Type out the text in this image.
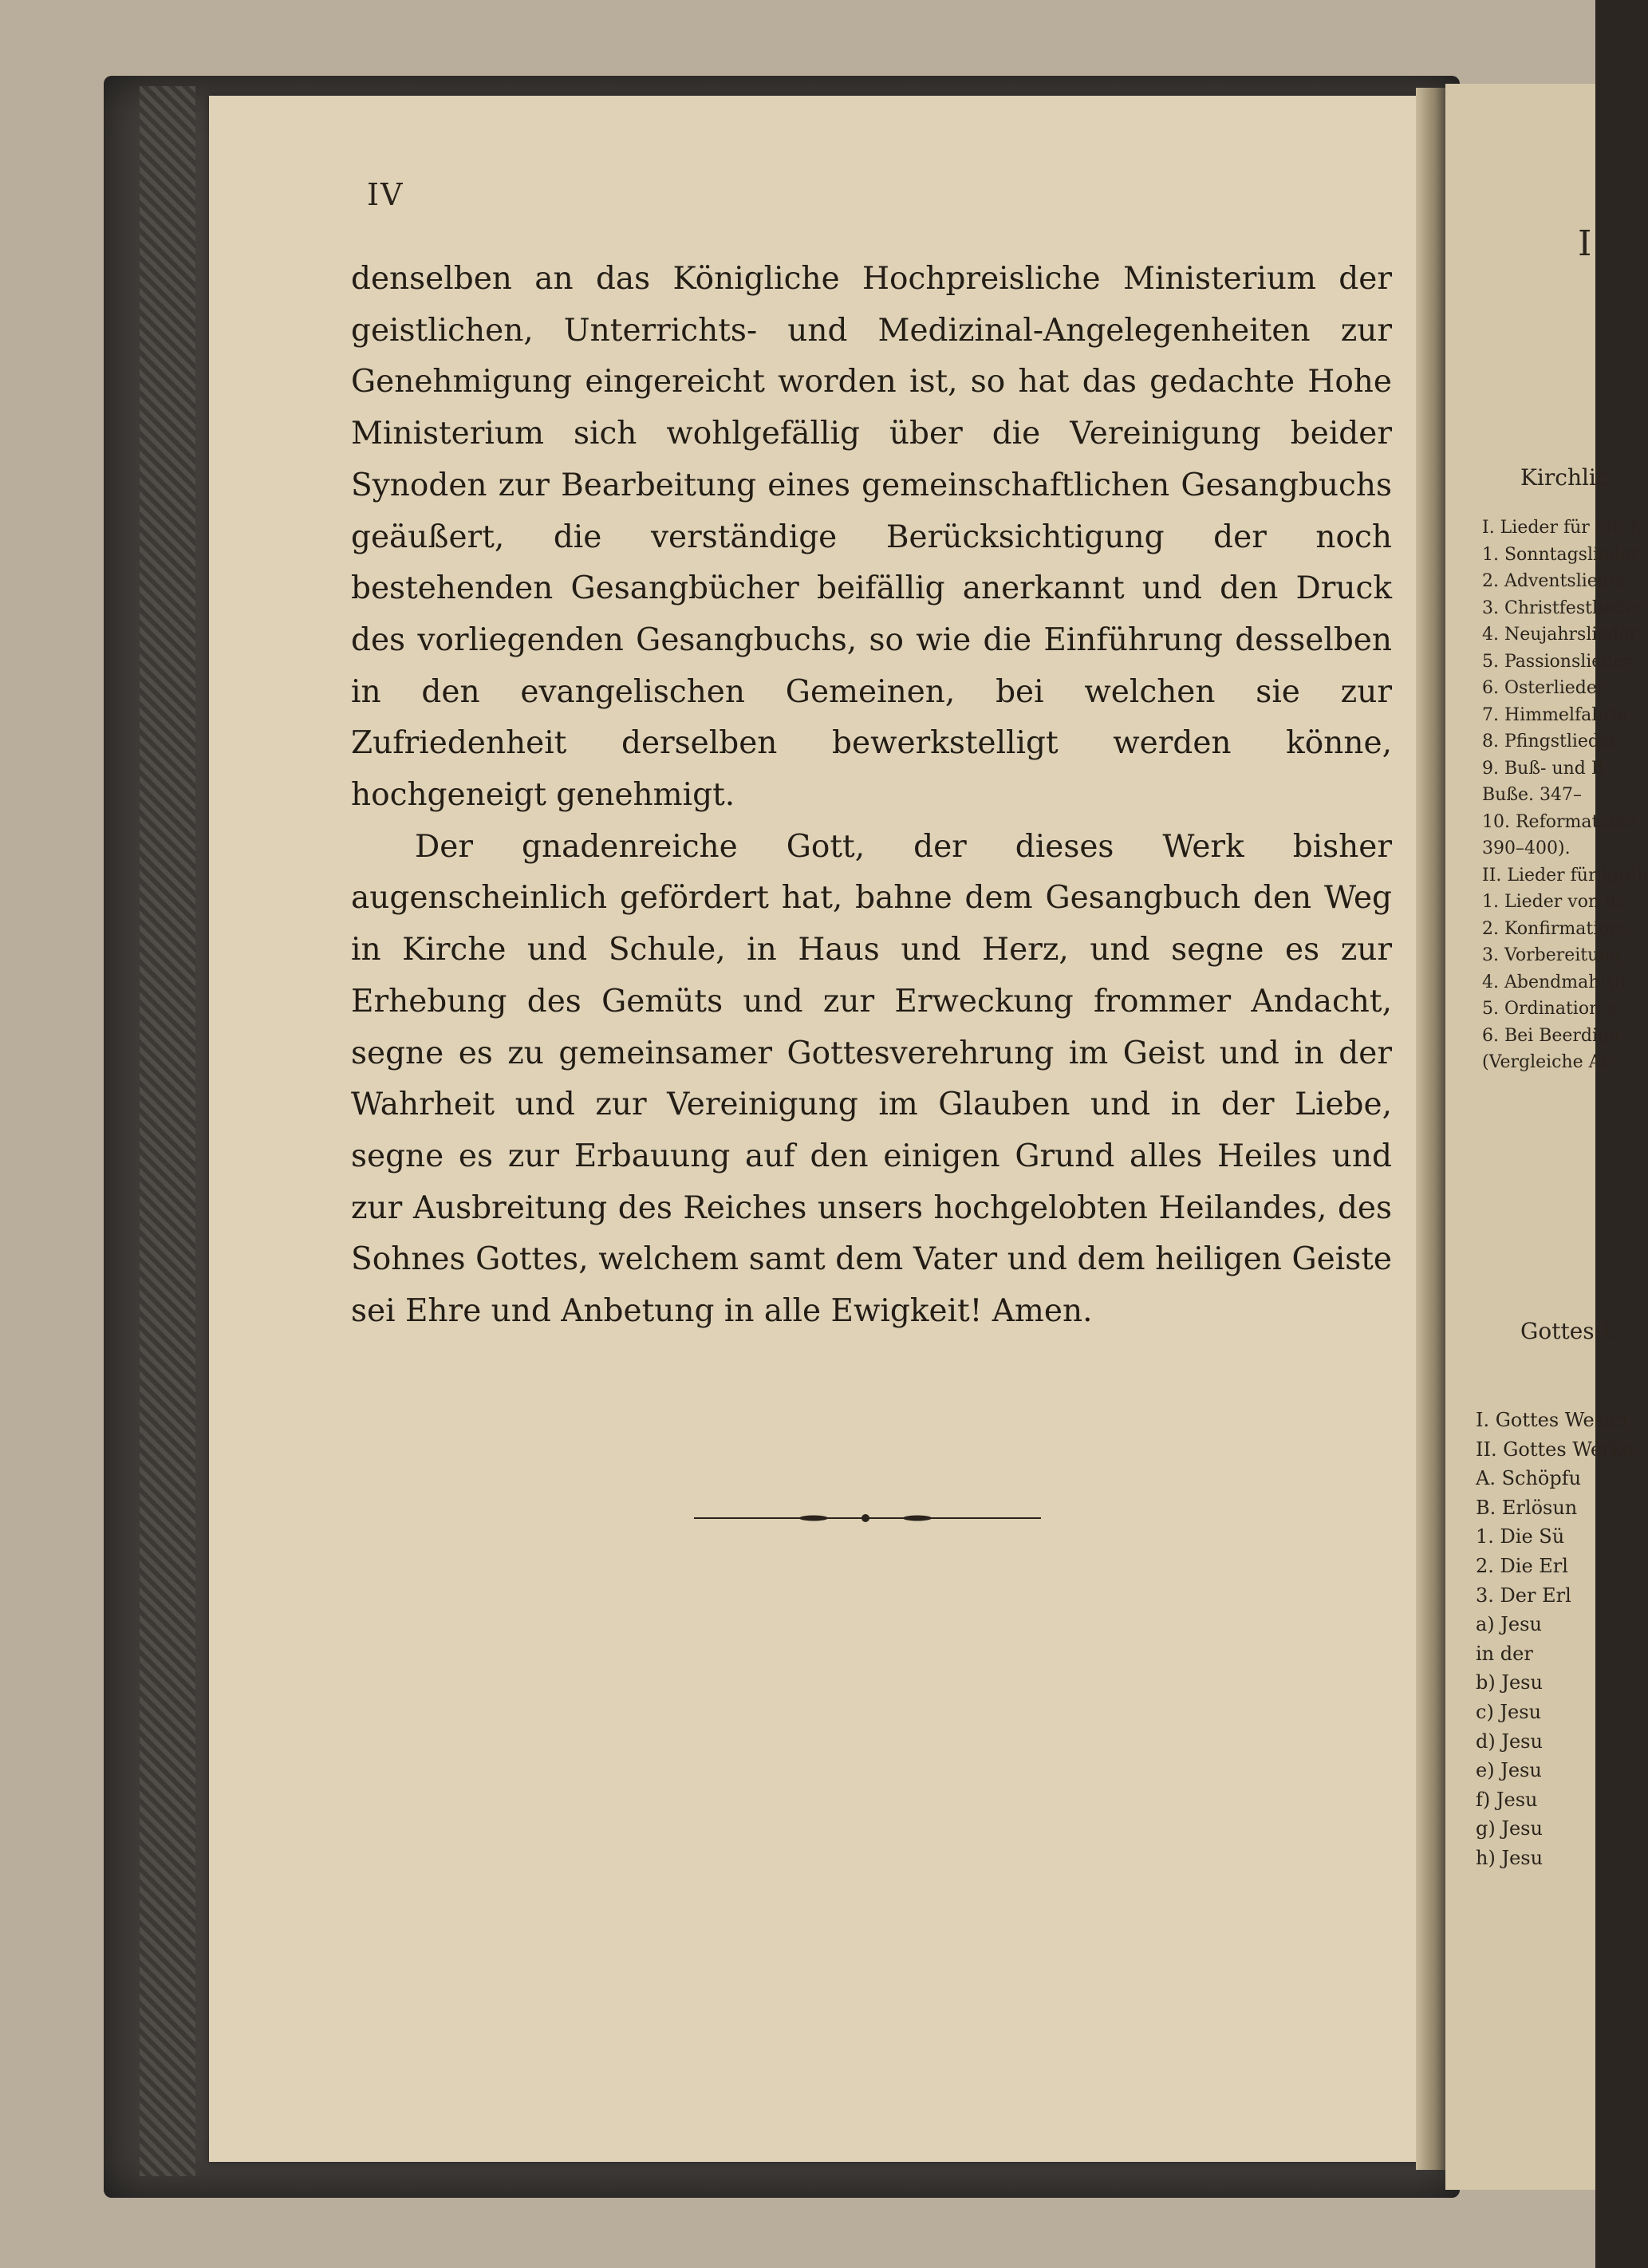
IV

denselben an das Königliche Hochpreisliche Ministerium der geistlichen, Unterrichts- und Medizinal-Angelegenheiten zur Genehmigung eingereicht worden ist, so hat das gedachte Hohe Ministerium sich wohlgefällig über die Vereinigung beider Synoden zur Bearbeitung eines gemeinschaftlichen Gesangbuchs geäußert, die verständige Berücksichtigung der noch bestehenden Gesangbücher beifällig anerkannt und den Druck des vorliegenden Gesangbuchs, so wie die Einführung desselben in den evangelischen Gemeinen, bei welchen sie zur Zufriedenheit derselben bewerkstelligt werden könne, hochgeneigt genehmigt.

Der gnadenreiche Gott, der dieses Werk bisher augenscheinlich gefördert hat, bahne dem Gesangbuch den Weg in Kirche und Schule, in Haus und Herz, und segne es zur Erhebung des Gemüts und zur Erweckung frommer Andacht, segne es zu gemeinsamer Gottesverehrung im Geist und in der Wahrheit und zur Vereinigung im Glauben und in der Liebe, segne es zur Erbauung auf den einigen Grund alles Heiles und zur Ausbreitung des Reiches unsers hochgelobten Heilandes, des Sohnes Gottes, welchem samt dem Vater und dem heiligen Geiste sei Ehre und Anbetung in alle Ewigkeit! Amen.

I
Kirchlic
I. Lieder für kirch
1. Sonntagslieder
2. Adventslieder.
3. Christfestlieder
4. Neujahrslieder.
5. Passionslieder.
6. Osterlieder.
7. Himmelfahrts
8. Pfingstlieder.
9. Buß- und B
Buße. 347–
10. Reformations
390–400).
II. Lieder für kirch
1. Lieder von de
2. Konfirmations
3. Vorbereitung
4. Abendmahlsli
5. Ordination u
6. Bei Beerdigu
(Vergleiche Ab
Gottes L
I. Gottes Wesen
II. Gottes Werke
A. Schöpfu
B. Erlösun
1. Die Sü
2. Die Erl
3. Der Erl
a) Jesu
in der
b) Jesu
c) Jesu
d) Jesu
e) Jesu
f) Jesu
g) Jesu
h) Jesu
